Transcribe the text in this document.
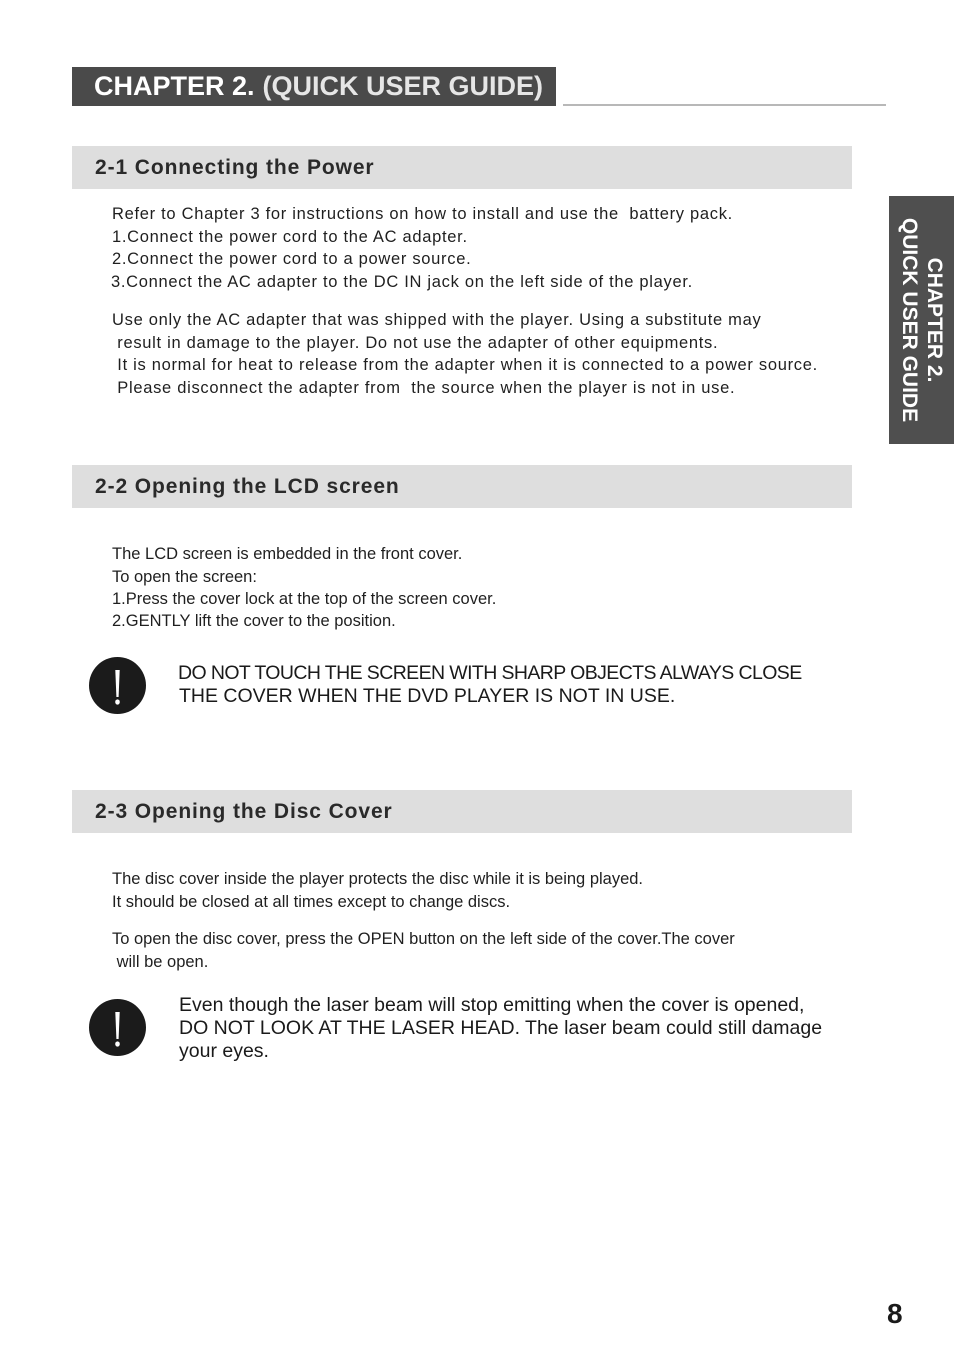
CHAPTER 2. (QUICK USER GUIDE)
CHAPTER 2.
QUICK USER GUIDE
2-1 Connecting the Power
Refer to Chapter 3 for instructions on how to install and use the  battery pack.
1.Connect the power cord to the AC adapter.
2.Connect the power cord to a power source.
3.Connect the AC adapter to the DC IN jack on the left side of the player.
Use only the AC adapter that was shipped with the player. Using a substitute may
result in damage to the player. Do not use the adapter of other equipments.
It is normal for heat to release from the adapter when it is connected to a power source.
Please disconnect the adapter from  the source when the player is not in use.
2-2 Opening the LCD screen
The LCD screen is embedded in the front cover.
To open the screen:
1.Press the cover lock at the top of the screen cover.
2.GENTLY lift the cover to the position.
DO NOT TOUCH THE SCREEN WITH SHARP OBJECTS ALWAYS CLOSE
THE COVER WHEN THE DVD PLAYER IS NOT IN USE.
2-3 Opening the Disc Cover
The disc cover inside the player protects the disc while it is being played.
It should be closed at all times except to change discs.
To open the disc cover, press the OPEN button on the left side of the cover.The cover
will be open.
Even though the laser beam will stop emitting when the cover is opened,
DO NOT LOOK AT THE LASER HEAD. The laser beam could still damage
your eyes.
8
